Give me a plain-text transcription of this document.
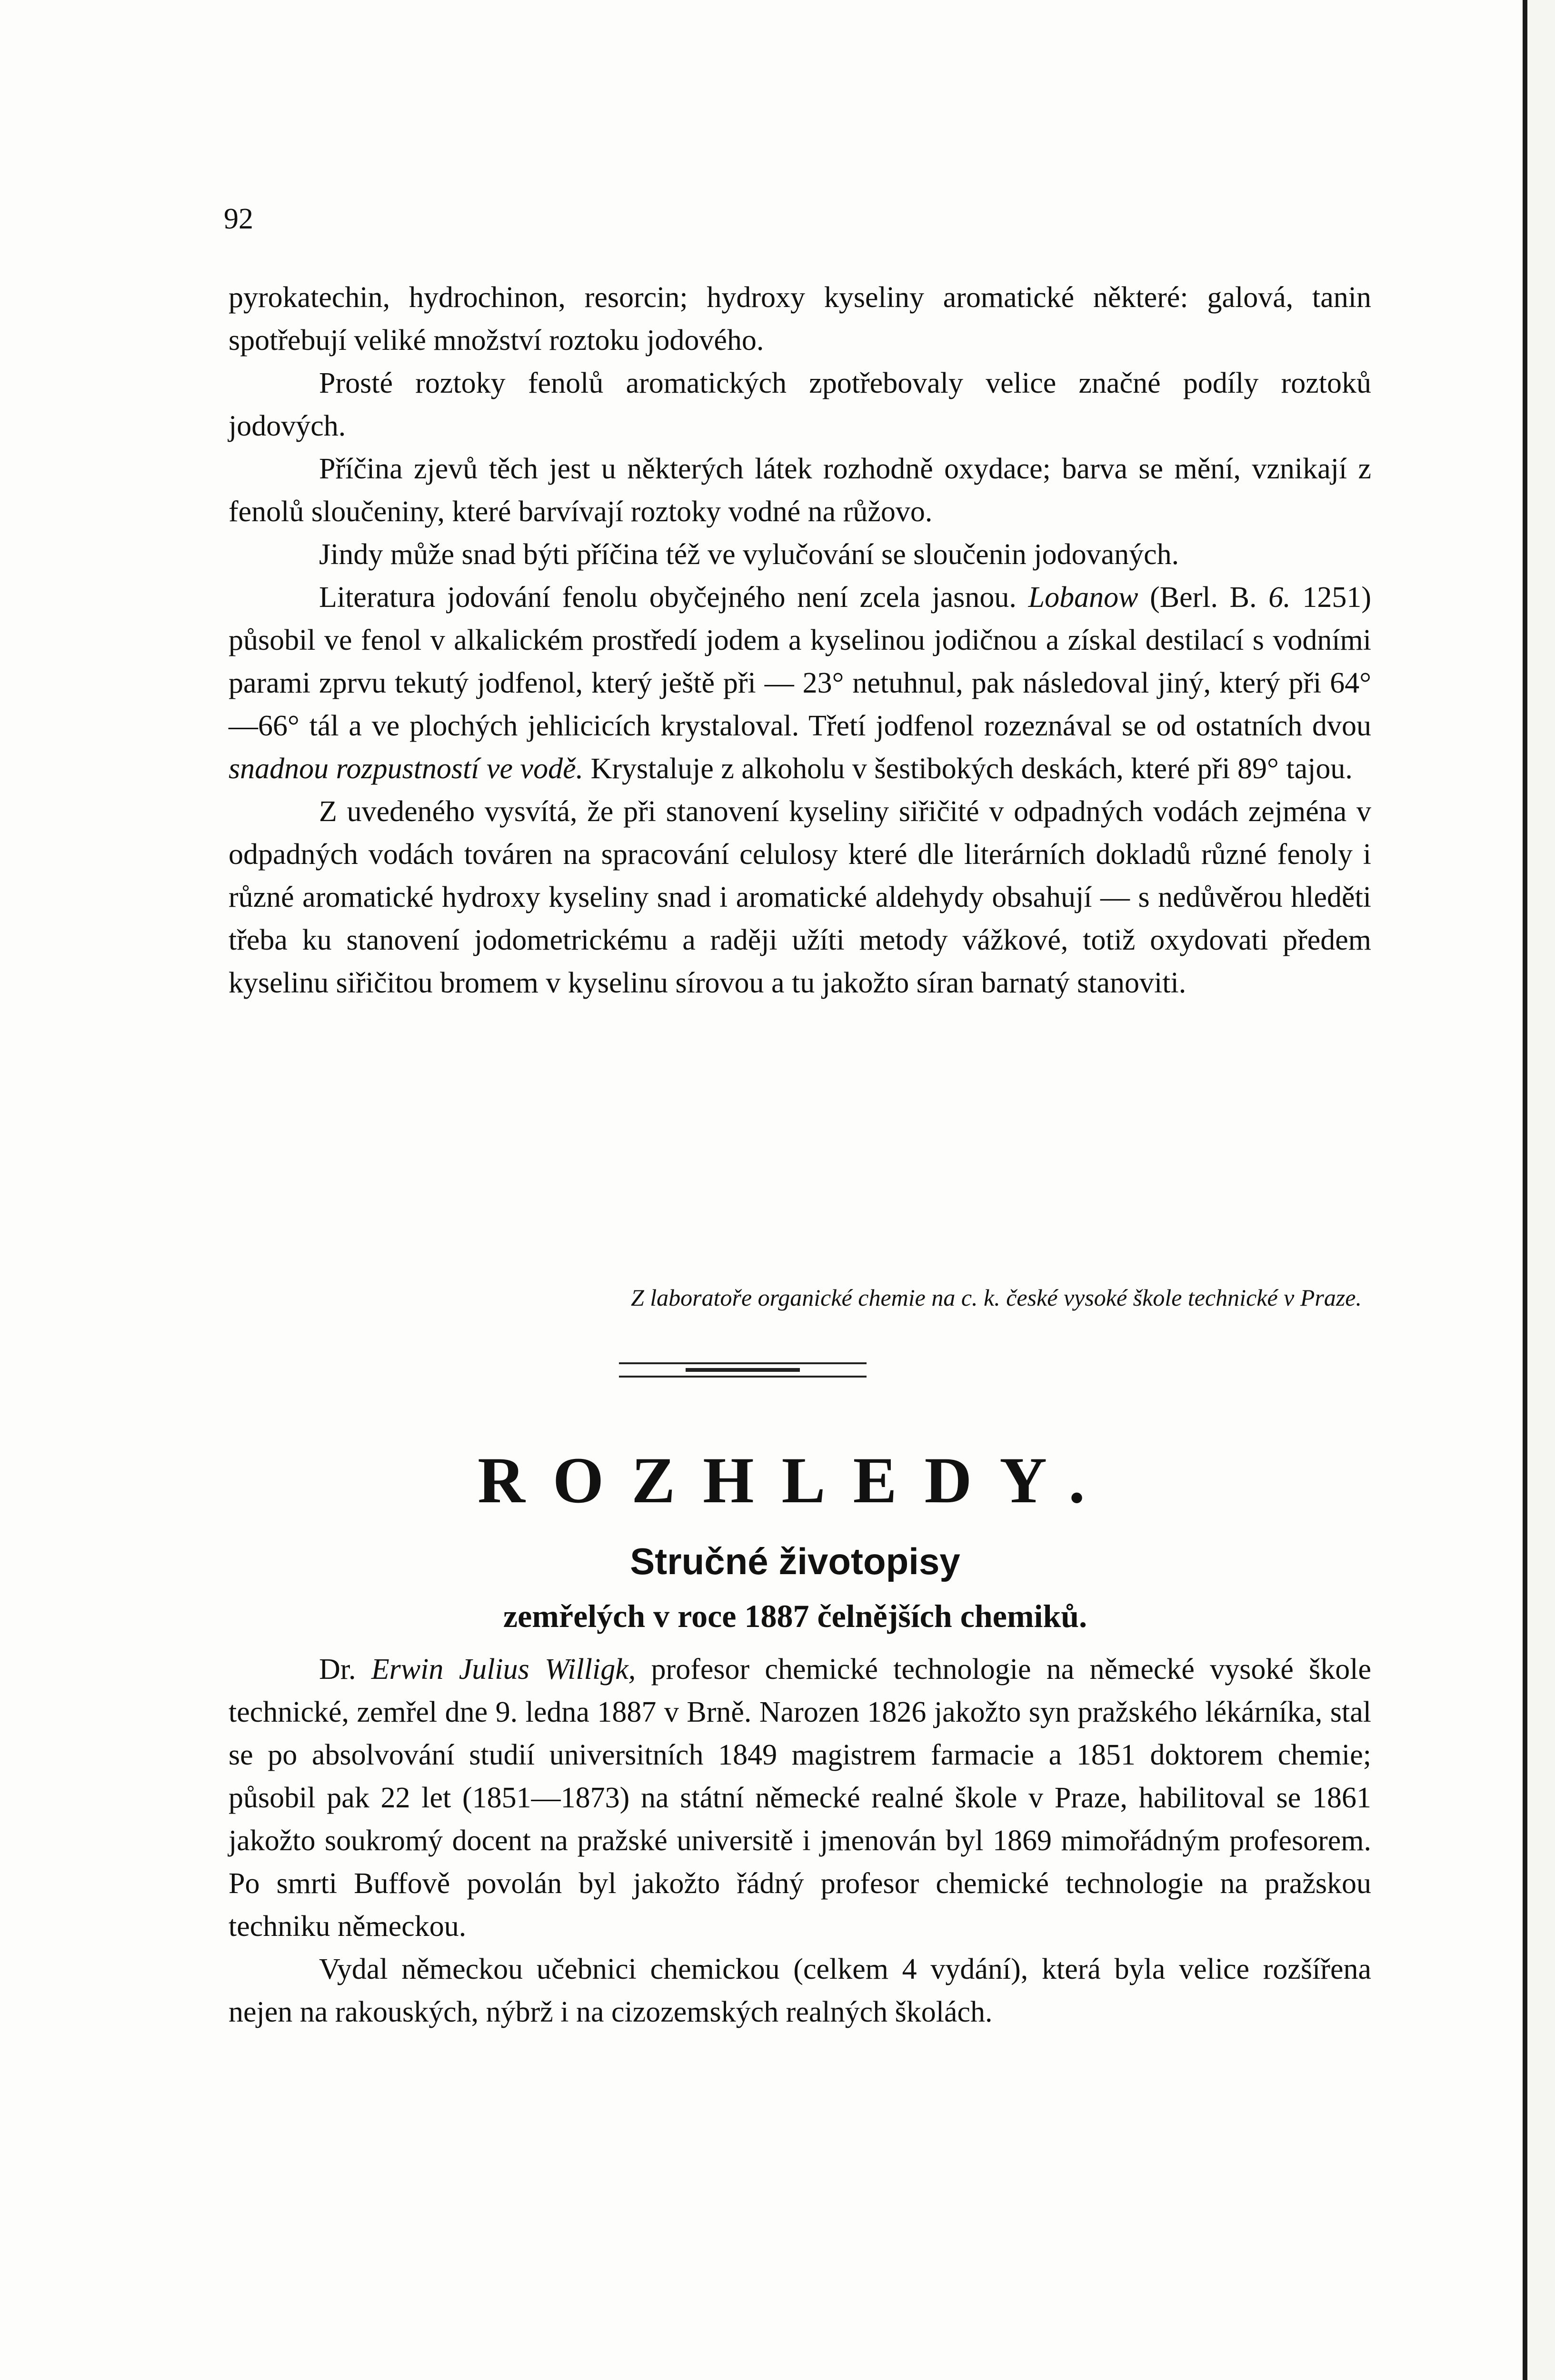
92

pyrokatechin, hydrochinon, resorcin; hydroxy kyseliny aromatické některé: galová, tanin spotřebují veliké množství roztoku jodového.

Prosté roztoky fenolů aromatických zpotřebovaly velice značné podíly roztoků jodových.

Příčina zjevů těch jest u některých látek rozhodně oxydace; barva se mění, vznikají z fenolů sloučeniny, které barvívají roztoky vodné na růžovo.

Jindy může snad býti příčina též ve vylučování se sloučenin jodovaných.

Literatura jodování fenolu obyčejného není zcela jasnou. Lobanow (Berl. B. 6. 1251) působil ve fenol v alkalickém prostředí jodem a kyselinou jodičnou a získal destilací s vodními parami zprvu tekutý jodfenol, který ještě při — 23° netuhnul, pak následoval jiný, který při 64°—66° tál a ve plochých jehlicicích krystaloval. Třetí jodfenol rozeznával se od ostatních dvou snadnou rozpustností ve vodě. Krystaluje z alkoholu v šestibokých deskách, které při 89° tajou.

Z uvedeného vysvítá, že při stanovení kyseliny siřičité v odpadných vodách zejména v odpadných vodách továren na spracování celulosy které dle literárních dokladů různé fenoly i různé aromatické hydroxy kyseliny snad i aromatické aldehydy obsahují — s nedůvěrou hleděti třeba ku stanovení jodometrickému a raději užíti metody vážkové, totiž oxydovati předem kyselinu siřičitou bromem v kyselinu sírovou a tu jakožto síran barnatý stanoviti.

Z laboratoře organické chemie na c. k. české vysoké škole technické v Praze.
ROZHLEDY.
Stručné životopisy
zemřelých v roce 1887 čelnějších chemiků.

Dr. Erwin Julius Willigk, profesor chemické technologie na německé vysoké škole technické, zemřel dne 9. ledna 1887 v Brně. Narozen 1826 jakožto syn pražského lékárníka, stal se po absolvování studií universitních 1849 magistrem farmacie a 1851 doktorem chemie; působil pak 22 let (1851—1873) na státní německé realné škole v Praze, habilitoval se 1861 jakožto soukromý docent na pražské universitě i jmenován byl 1869 mimořádným profesorem. Po smrti Buffově povolán byl jakožto řádný profesor chemické technologie na pražskou techniku německou.

Vydal německou učebnici chemickou (celkem 4 vydání), která byla velice rozšířena nejen na rakouských, nýbrž i na cizozemských realných školách.
